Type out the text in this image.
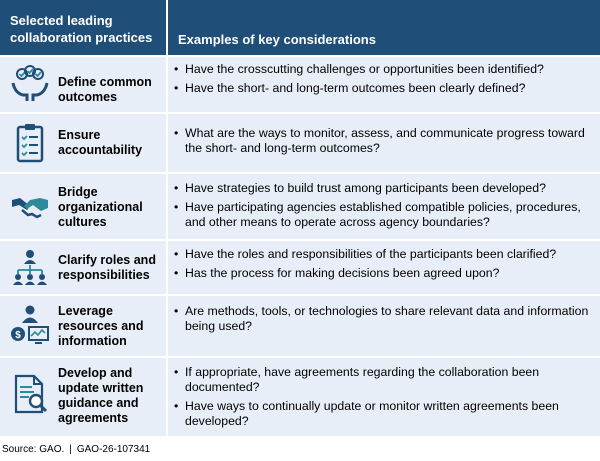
Selected leading collaboration practices	Examples of key considerations
Define common outcomes
• Have the crosscutting challenges or opportunities been identified?
• Have the short- and long-term outcomes been clearly defined?
Ensure accountability
• What are the ways to monitor, assess, and communicate progress toward the short- and long-term outcomes?
Bridge organizational cultures
• Have strategies to build trust among participants been developed?
• Have participating agencies established compatible policies, procedures, and other means to operate across agency boundaries?
Clarify roles and responsibilities
• Have the roles and responsibilities of the participants been clarified?
• Has the process for making decisions been agreed upon?
$
Leverage resources and information
• Are methods, tools, or technologies to share relevant data and information being used?
Develop and update written guidance and agreements
• If appropriate, have agreements regarding the collaboration been documented?
• Have ways to continually update or monitor written agreements been developed?
Source: GAO. | GAO-26-107341
